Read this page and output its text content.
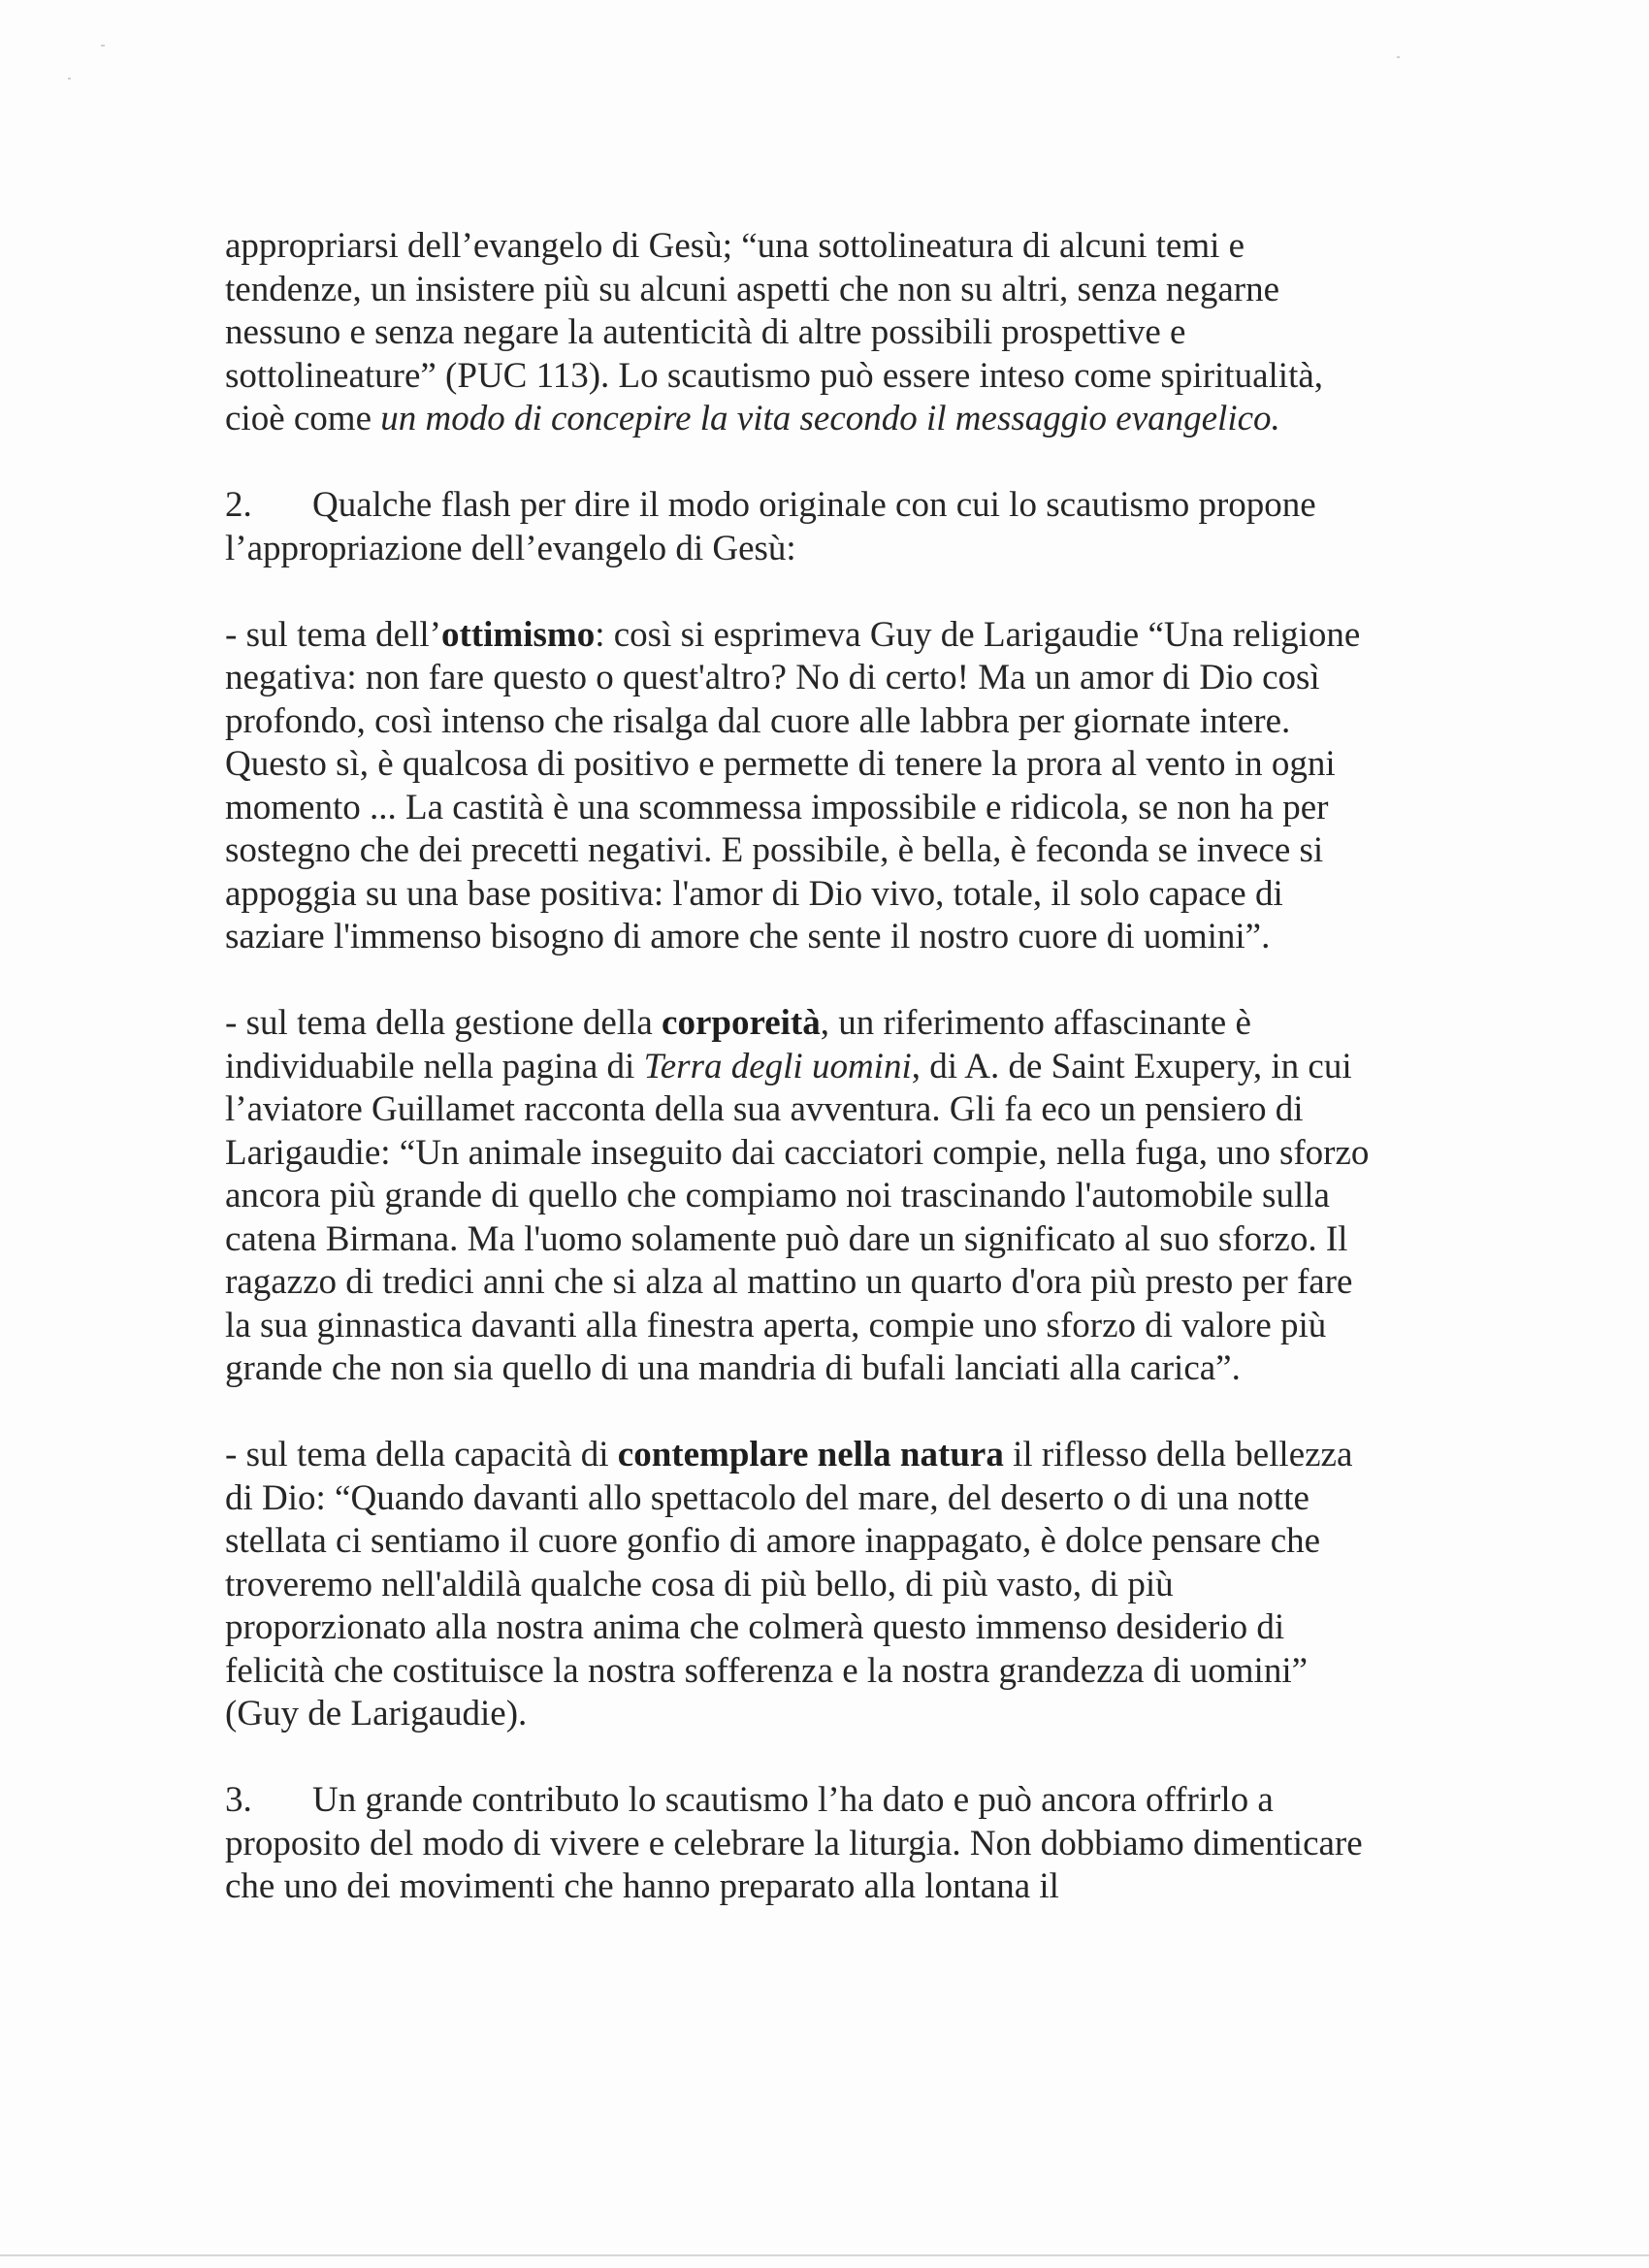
appropriarsi dell’evangelo di Gesù; “una sottolineatura di alcuni temi e tendenze, un insistere più su alcuni aspetti che non su altri, senza negarne nessuno e senza negare la autenticità di altre possibili prospettive e sottolineature” (PUC 113). Lo scautismo può essere inteso come spiritualità, cioè come un modo di concepire la vita secondo il messaggio evangelico.

2. Qualche flash per dire il modo originale con cui lo scautismo propone l’appropriazione dell’evangelo di Gesù:

- sul tema dell’ottimismo: così si esprimeva Guy de Larigaudie “Una religione negativa: non fare questo o quest'altro? No di certo! Ma un amor di Dio così profondo, così intenso che risalga dal cuore alle labbra per giornate intere. Questo sì, è qualcosa di positivo e permette di tenere la prora al vento in ogni momento ... La castità è una scommessa impossibile e ridicola, se non ha per sostegno che dei precetti negativi. E possibile, è bella, è feconda se invece si appoggia su una base positiva: l'amor di Dio vivo, totale, il solo capace di saziare l'immenso bisogno di amore che sente il nostro cuore di uomini”.

- sul tema della gestione della corporeità, un riferimento affascinante è individuabile nella pagina di Terra degli uomini, di A. de Saint Exupery, in cui l’aviatore Guillamet racconta della sua avventura. Gli fa eco un pensiero di Larigaudie: “Un animale inseguito dai cacciatori compie, nella fuga, uno sforzo ancora più grande di quello che compiamo noi trascinando l'automobile sulla catena Birmana. Ma l'uomo solamente può dare un significato al suo sforzo. Il ragazzo di tredici anni che si alza al mattino un quarto d'ora più presto per fare la sua ginnastica davanti alla finestra aperta, compie uno sforzo di valore più grande che non sia quello di una mandria di bufali lanciati alla carica”.

- sul tema della capacità di contemplare nella natura il riflesso della bellezza di Dio: “Quando davanti allo spettacolo del mare, del deserto o di una notte stellata ci sentiamo il cuore gonfio di amore inappagato, è dolce pensare che troveremo nell'aldilà qualche cosa di più bello, di più vasto, di più proporzionato alla nostra anima che colmerà questo immenso desiderio di felicità che costituisce la nostra sofferenza e la nostra grandezza di uomini” (Guy de Larigaudie).

3. Un grande contributo lo scautismo l’ha dato e può ancora offrirlo a proposito del modo di vivere e celebrare la liturgia. Non dobbiamo dimenticare che uno dei movimenti che hanno preparato alla lontana il
